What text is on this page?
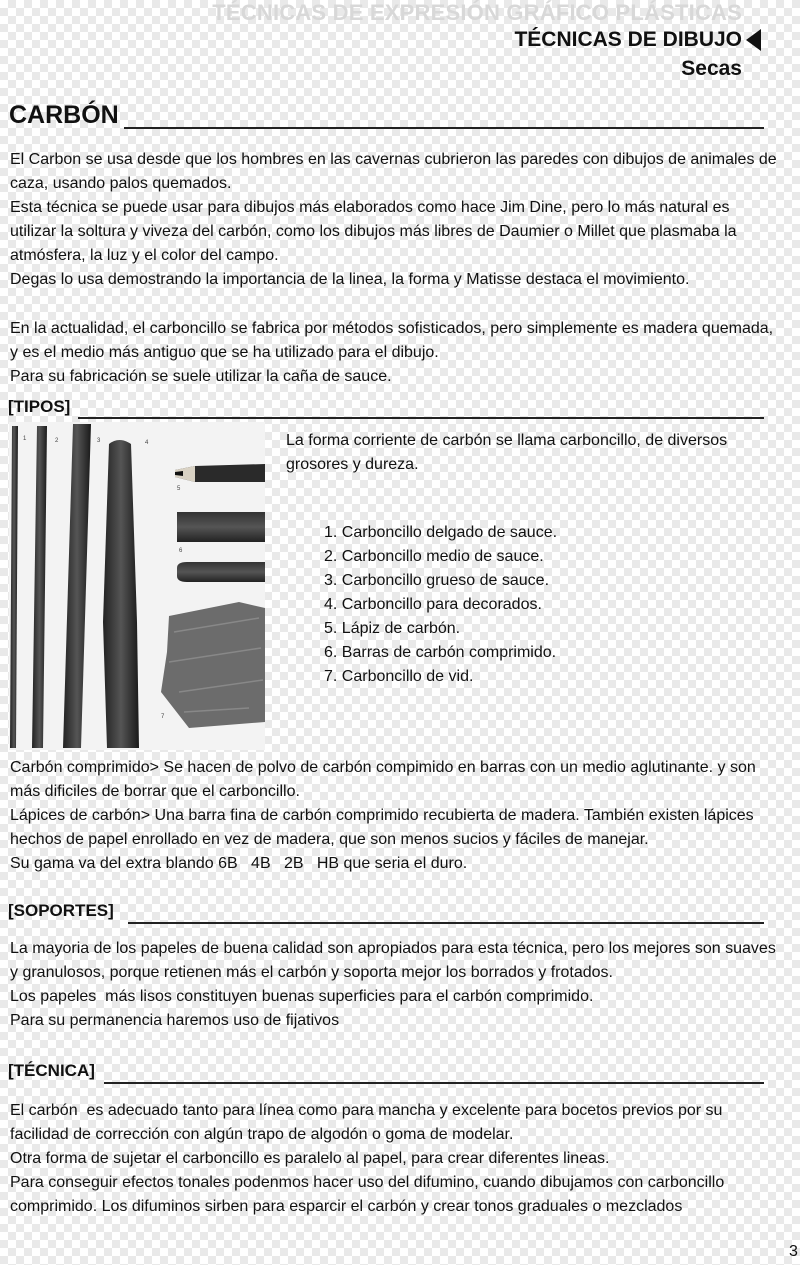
TÉCNICAS DE EXPRESIÓN GRÁFICO PLÁSTICAS
TÉCNICAS DE DIBUJO
Secas
CARBÓN

El Carbon se usa desde que los hombres en las cavernas cubrieron las paredes con dibujos de animales de caza, usando palos quemados.

Esta técnica se puede usar para dibujos más elaborados como hace Jim Dine, pero lo más natural es utilizar la soltura y viveza del carbón, como los dibujos más libres de Daumier o Millet que plasmaba la atmósfera, la luz y el color del campo.

Degas lo usa demostrando la importancia de la linea, la forma y Matisse destaca el movimiento.

En la actualidad, el carboncillo se fabrica por métodos sofisticados, pero simplemente es madera quemada, y es el medio más antiguo que se ha utilizado para el dibujo.

Para su fabricación se suele utilizar la caña de sauce.

[TIPOS]
1	2	3	4
5
6
7
La forma corriente de carbón se llama carboncillo, de diversos grosores y dureza.
1. Carboncillo delgado de sauce.
2. Carboncillo medio de sauce.
3. Carboncillo grueso de sauce.
4. Carboncillo para decorados.
5. Lápiz de carbón.
6. Barras de carbón comprimido.
7. Carboncillo de vid.

Carbón comprimido> Se hacen de polvo de carbón compimido en barras con un medio aglutinante. y son más dificiles de borrar que el carboncillo.

Lápices de carbón> Una barra fina de carbón comprimido recubierta de madera. También existen lápices hechos de papel enrollado en vez de madera, que son menos sucios y fáciles de manejar.

Su gama va del extra blando 6B   4B   2B   HB que seria el duro.

[SOPORTES]

La mayoria de los papeles de buena calidad son apropiados para esta técnica, pero los mejores son suaves y granulosos, porque retienen más el carbón y soporta mejor los borrados y frotados.

Los papeles  más lisos constituyen buenas superficies para el carbón comprimido.

Para su permanencia haremos uso de fijativos

[TÉCNICA]

El carbón  es adecuado tanto para línea como para mancha y excelente para bocetos previos por su facilidad de corrección con algún trapo de algodón o goma de modelar.

Otra forma de sujetar el carboncillo es paralelo al papel, para crear diferentes lineas.

Para conseguir efectos tonales podenmos hacer uso del difumino, cuando dibujamos con carboncillo comprimido. Los difuminos sirben para esparcir el carbón y crear tonos graduales o mezclados

3
